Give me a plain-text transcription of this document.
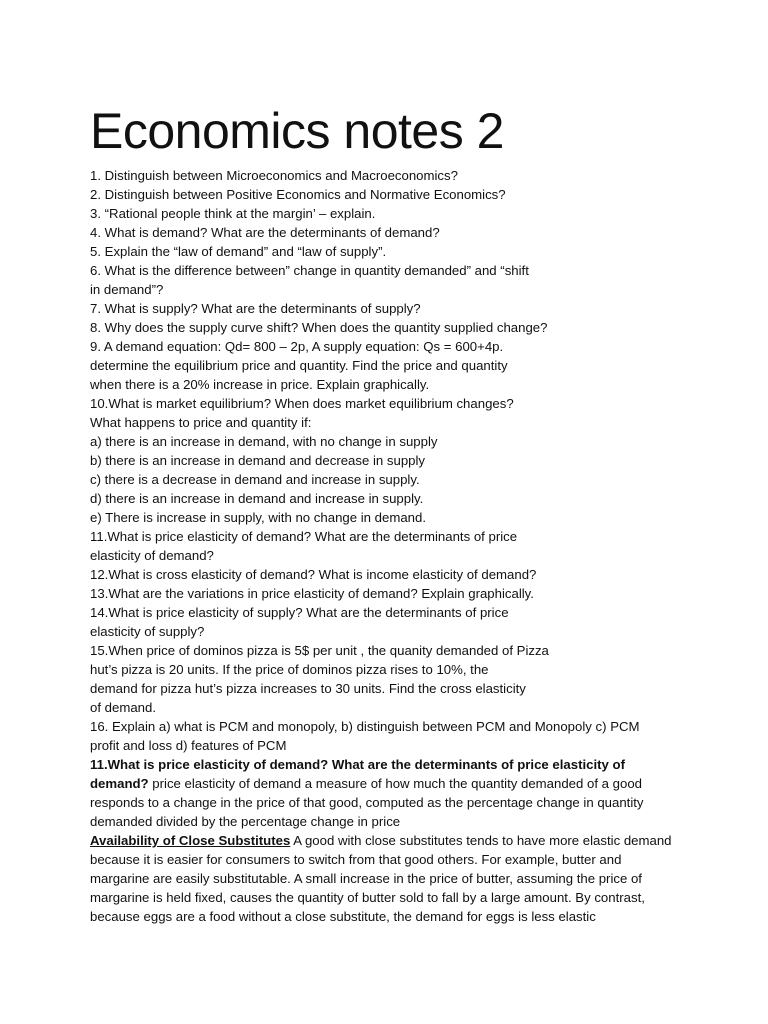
Economics notes 2
1. Distinguish between Microeconomics and Macroeconomics?
2. Distinguish between Positive Economics and Normative Economics?
3. “Rational people think at the margin’ – explain.
4. What is demand? What are the determinants of demand?
5. Explain the “law of demand” and “law of supply”.
6. What is the difference between” change in quantity demanded” and “shift
in demand”?
7. What is supply? What are the determinants of supply?
8. Why does the supply curve shift? When does the quantity supplied change?
9. A demand equation: Qd= 800 – 2p, A supply equation: Qs = 600+4p.
determine the equilibrium price and quantity. Find the price and quantity
when there is a 20% increase in price. Explain graphically.
10.What is market equilibrium? When does market equilibrium changes?
What happens to price and quantity if:
a) there is an increase in demand, with no change in supply
b) there is an increase in demand and decrease in supply
c) there is a decrease in demand and increase in supply.
d) there is an increase in demand and increase in supply.
e) There is increase in supply, with no change in demand.
11.What is price elasticity of demand? What are the determinants of price
elasticity of demand?
12.What is cross elasticity of demand? What is income elasticity of demand?
13.What are the variations in price elasticity of demand? Explain graphically.
14.What is price elasticity of supply? What are the determinants of price
elasticity of supply?
15.When price of dominos pizza is 5$ per unit , the quanity demanded of Pizza
hut’s pizza is 20 units. If the price of dominos pizza rises to 10%, the
demand for pizza hut’s pizza increases to 30 units. Find the cross elasticity
of demand.
16. Explain a) what is PCM and monopoly, b) distinguish between PCM and Monopoly c) PCM
profit and loss d) features of PCM

11.What is price elasticity of demand? What are the determinants of price elasticity of demand? price elasticity of demand a measure of how much the quantity demanded of a good responds to a change in the price of that good, computed as the percentage change in quantity demanded divided by the percentage change in price

Availability of Close Substitutes A good with close substitutes tends to have more elastic demand because it is easier for consumers to switch from that good others. For example, butter and margarine are easily substitutable. A small increase in the price of butter, assuming the price of margarine is held fixed, causes the quantity of butter sold to fall by a large amount. By contrast, because eggs are a food without a close substitute, the demand for eggs is less elastic
